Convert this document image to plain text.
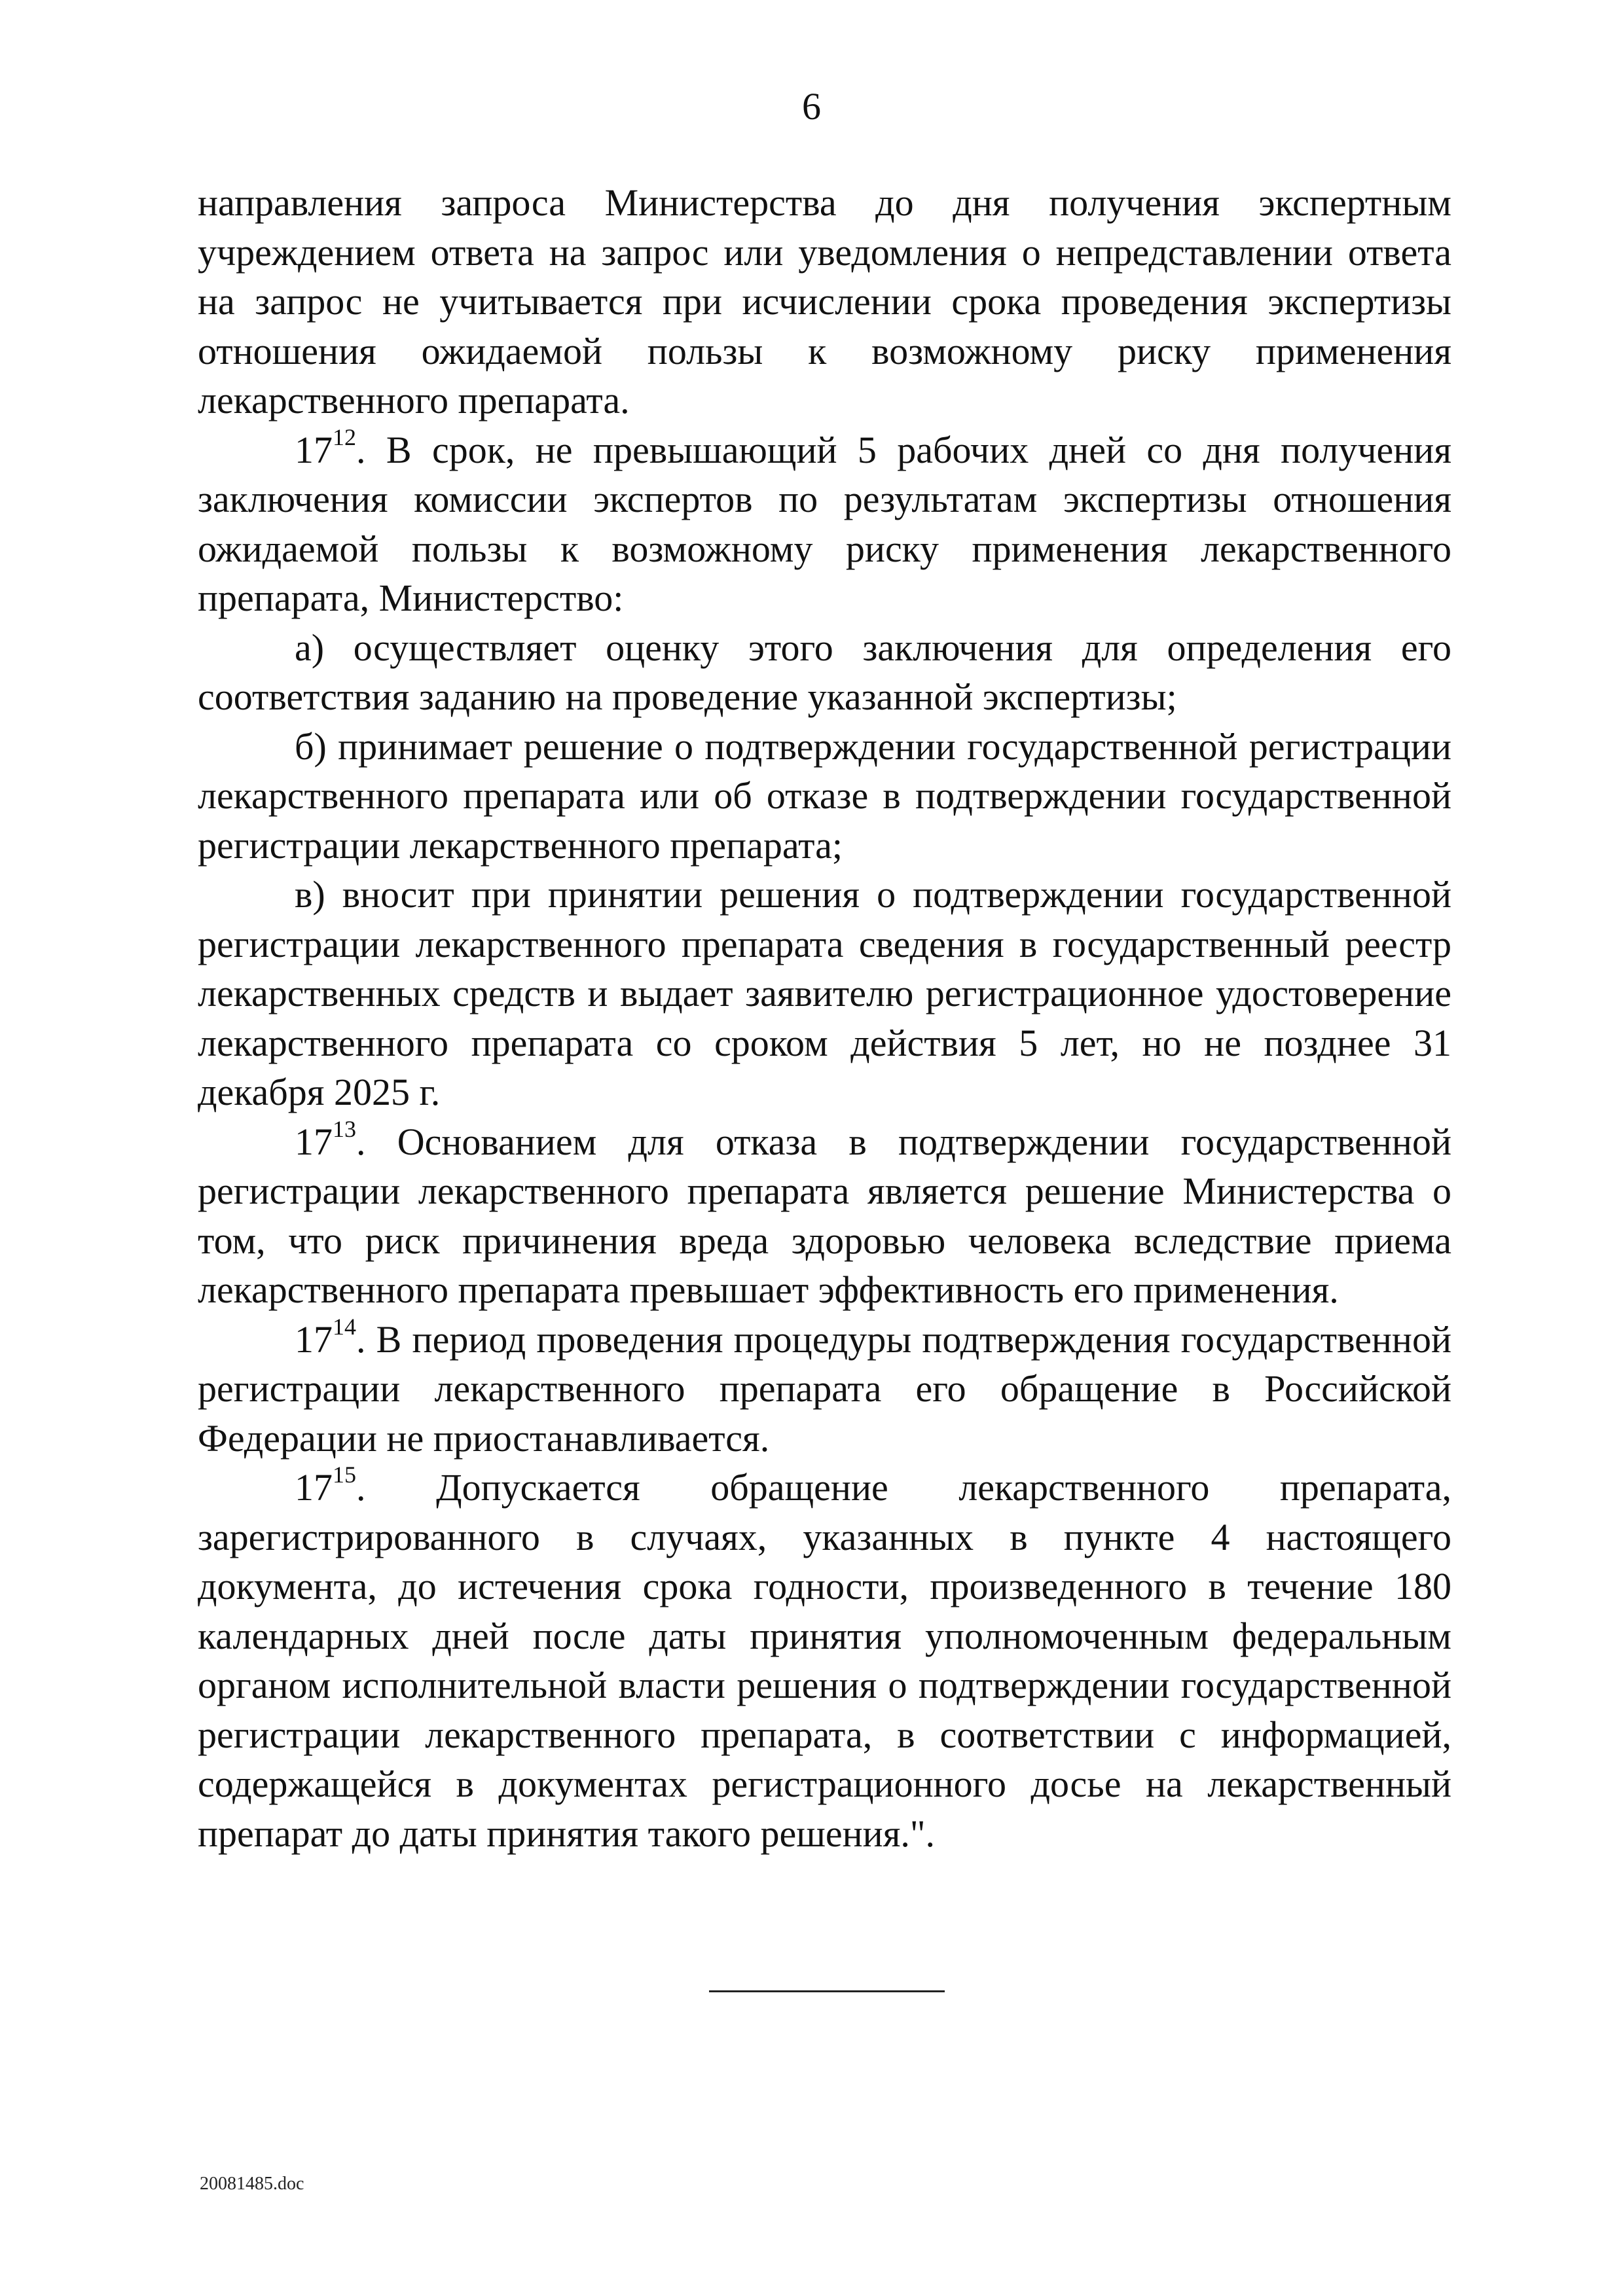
6

направления запроса Министерства до дня получения экспертным учреждением ответа на запрос или уведомления о непредставлении ответа на запрос не учитывается при исчислении срока проведения экспертизы отношения ожидаемой пользы к возможному риску применения лекарственного препарата.

$17^{12}$. В срок, не превышающий 5 рабочих дней со дня получения заключения комиссии экспертов по результатам экспертизы отношения ожидаемой пользы к возможному риску применения лекарственного препарата, Министерство:

а) осуществляет оценку этого заключения для определения его соответствия заданию на проведение указанной экспертизы;

б) принимает решение о подтверждении государственной регистрации лекарственного препарата или об отказе в подтверждении государственной регистрации лекарственного препарата;

в) вносит при принятии решения о подтверждении государственной регистрации лекарственного препарата сведения в государственный реестр лекарственных средств и выдает заявителю регистрационное удостоверение лекарственного препарата со сроком действия 5 лет, но не позднее 31 декабря 2025 г.

$17^{13}$. Основанием для отказа в подтверждении государственной регистрации лекарственного препарата является решение Министерства о том, что риск причинения вреда здоровью человека вследствие приема лекарственного препарата превышает эффективность его применения.

$17^{14}$. В период проведения процедуры подтверждения государственной регистрации лекарственного препарата его обращение в Российской Федерации не приостанавливается.

$17^{15}$. Допускается обращение лекарственного препарата, зарегистрированного в случаях, указанных в пункте 4 настоящего документа, до истечения срока годности, произведенного в течение 180 календарных дней после даты принятия уполномоченным федеральным органом исполнительной власти решения о подтверждении государственной регистрации лекарственного препарата, в соответствии с информацией, содержащейся в документах регистрационного досье на лекарственный препарат до даты принятия такого решения.".

20081485.doc
